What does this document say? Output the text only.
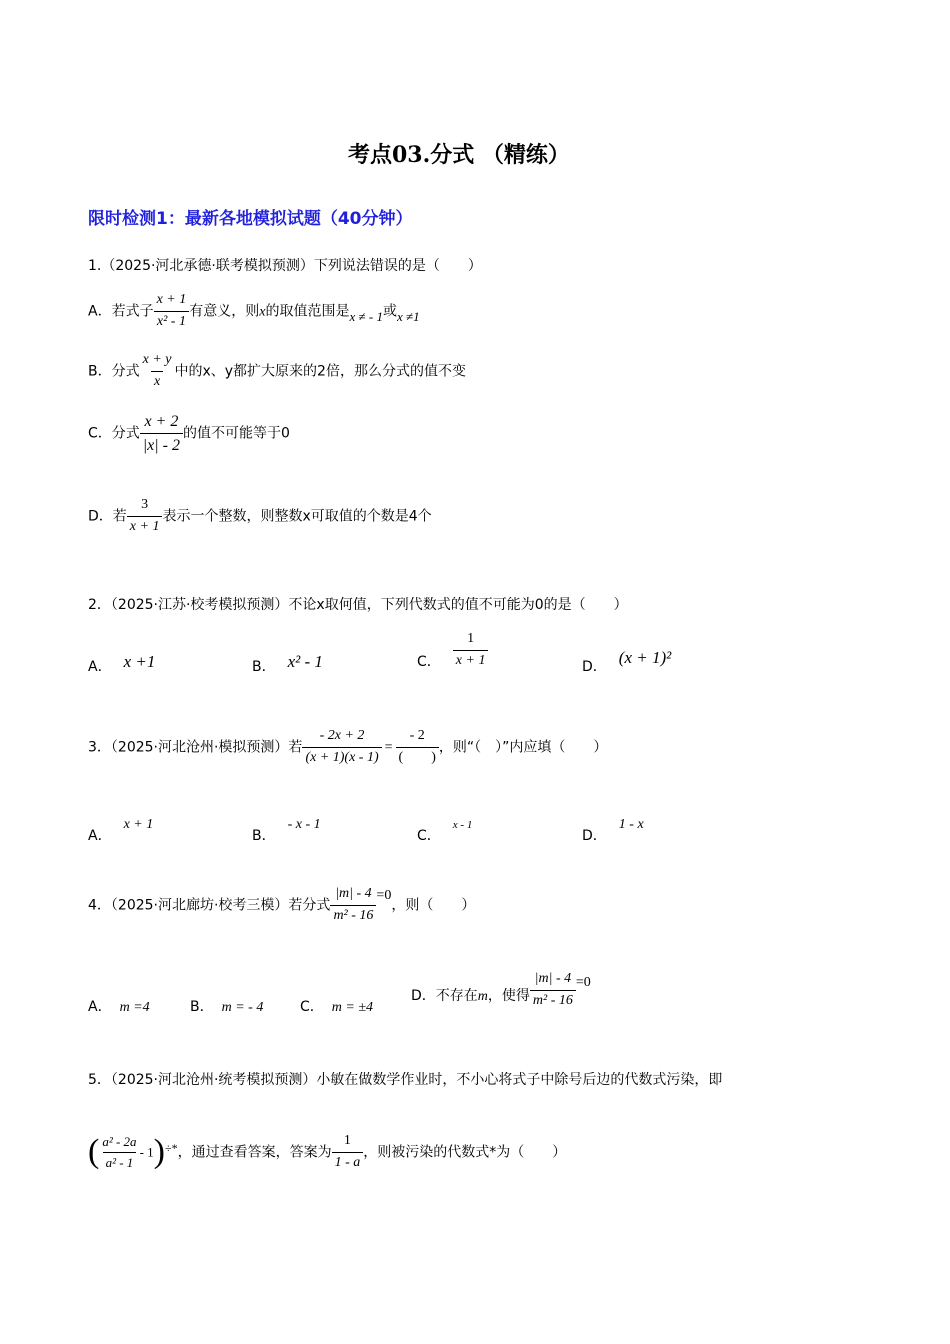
考点03.分式 （精练）
限时检测1：最新各地模拟试题（40分钟）
1.（2025·河北承德·联考模拟预测）下列说法错误的是（　　）
A．若式子 $\frac{x + 1}{\text{x² - 1}}$ 有意义，则x的取值范围是x ≠ - 1或x ≠1
B．分式 $\frac{x + y}{x}$ 中的x、y都扩大原来的2倍，那么分式的值不变
C．分式 $\frac{x + 2}{|x| - 2}$ 的值不可能等于0
D．若 $\frac{3}{x + 1}$ 表示一个整数，则整数x可取值的个数是4个
2．（2025·江苏·校考模拟预测）不论x取何值，下列代数式的值不可能为0的是（　　）
A． x +1	B． x² - 1	C． $\frac{1}{x + 1}$	D． (x + 1)²
3．（2025·河北沧州·模拟预测）若 $\frac{- 2x + 2}{(x + 1)(x - 1)} = \frac{- 2}{( )}$ ，则“（　）”内应填（　　）
A．x + 1
B．- x - 1
C．$^{x - 1}$
D．1 - x
4．（2025·河北廊坊·校考三模）若分式 $\frac{|m| - 4}{\text{m² - 16}} =0$，则（　　）
A． m =4	B． m = - 4	C． m = ±4
D．不存在m，使得 $\frac{|m| - 4}{\text{m² - 16}} =0$
5．（2025·河北沧州·统考模拟预测）小敏在做数学作业时，不小心将式子中除号后边的代数式污染，即
( $\frac{\text{a² - 2a}}{\text{a² - 1}} - 1)\div*$，通过查看答案，答案为 $\frac{1}{1 - a}$ ，则被污染的代数式*为（　　）
